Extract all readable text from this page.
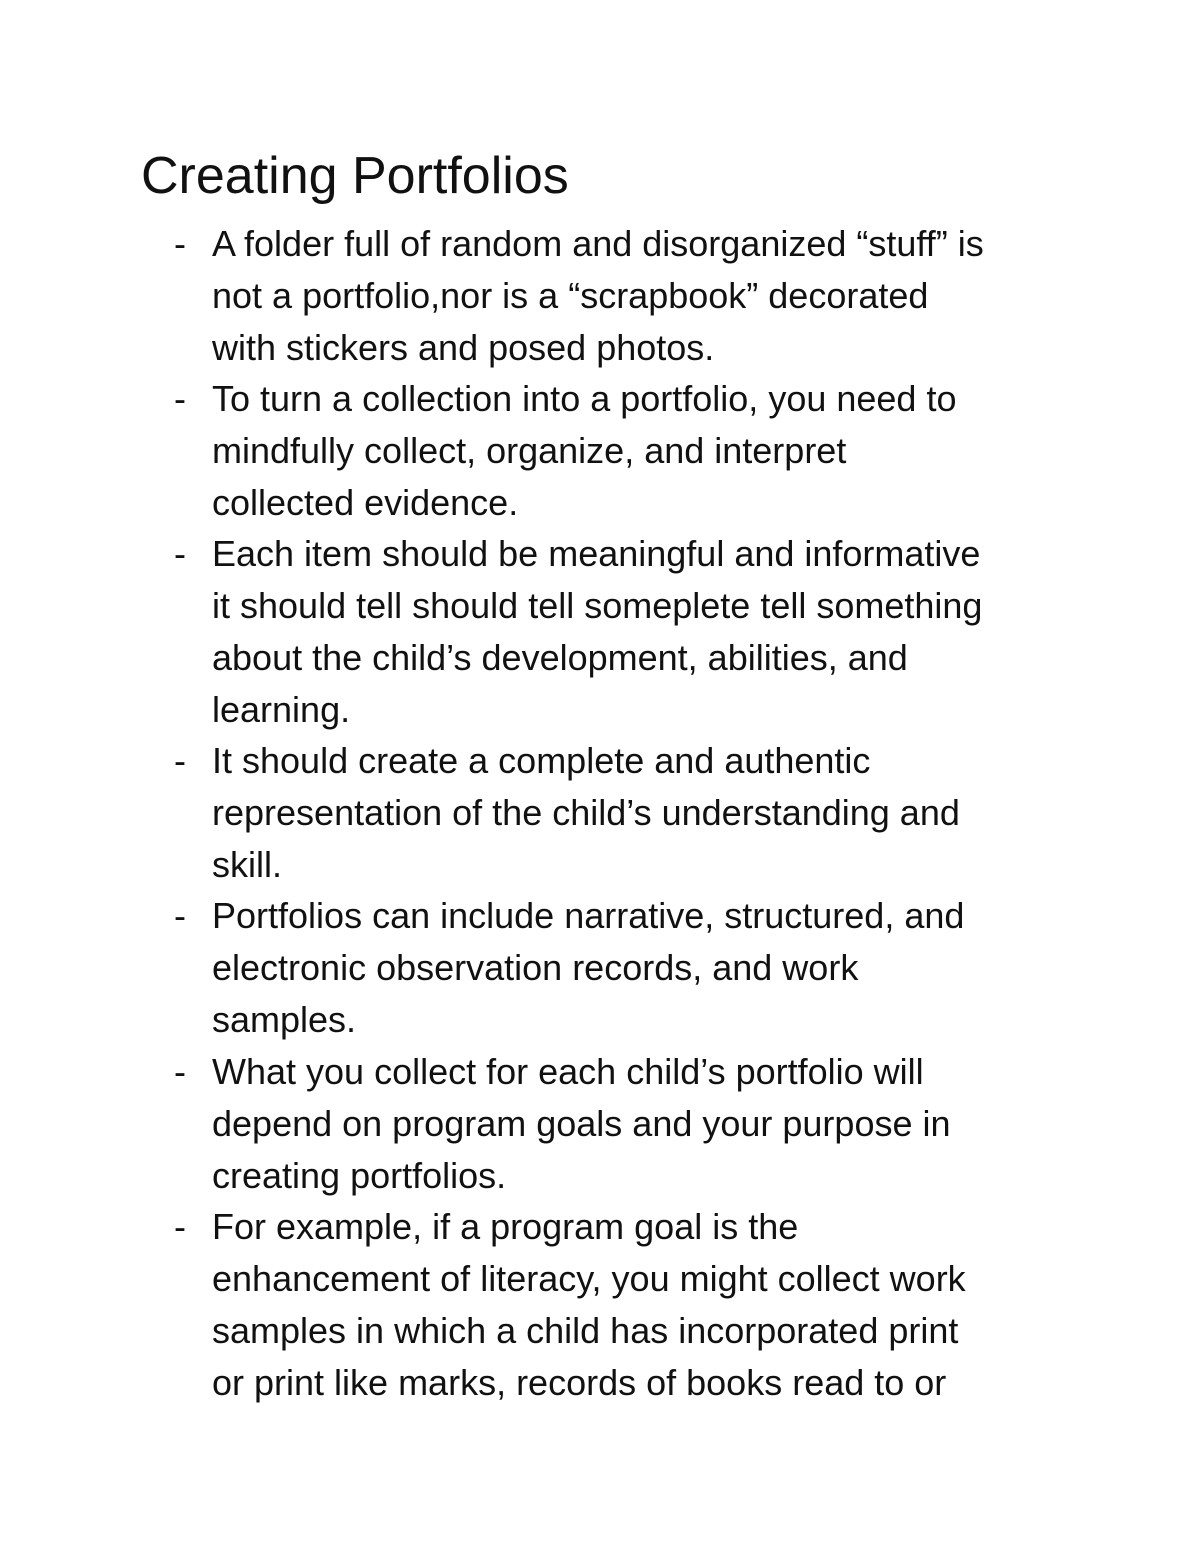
Creating Portfolios
- A folder full of random and disorganized “stuff” is
not a portfolio,nor is a “scrapbook” decorated
with stickers and posed photos.
- To turn a collection into a portfolio, you need to
mindfully collect, organize, and interpret
collected evidence.
- Each item should be meaningful and informative
it should tell should tell someplete tell something
about the child’s development, abilities, and
learning.
- It should create a complete and authentic
representation of the child’s understanding and
skill.
- Portfolios can include narrative, structured, and
electronic observation records, and work
samples.
- What you collect for each child’s portfolio will
depend on program goals and your purpose in
creating portfolios.
- For example, if a program goal is the
enhancement of literacy, you might collect work
samples in which a child has incorporated print
or print like marks, records of books read to or
